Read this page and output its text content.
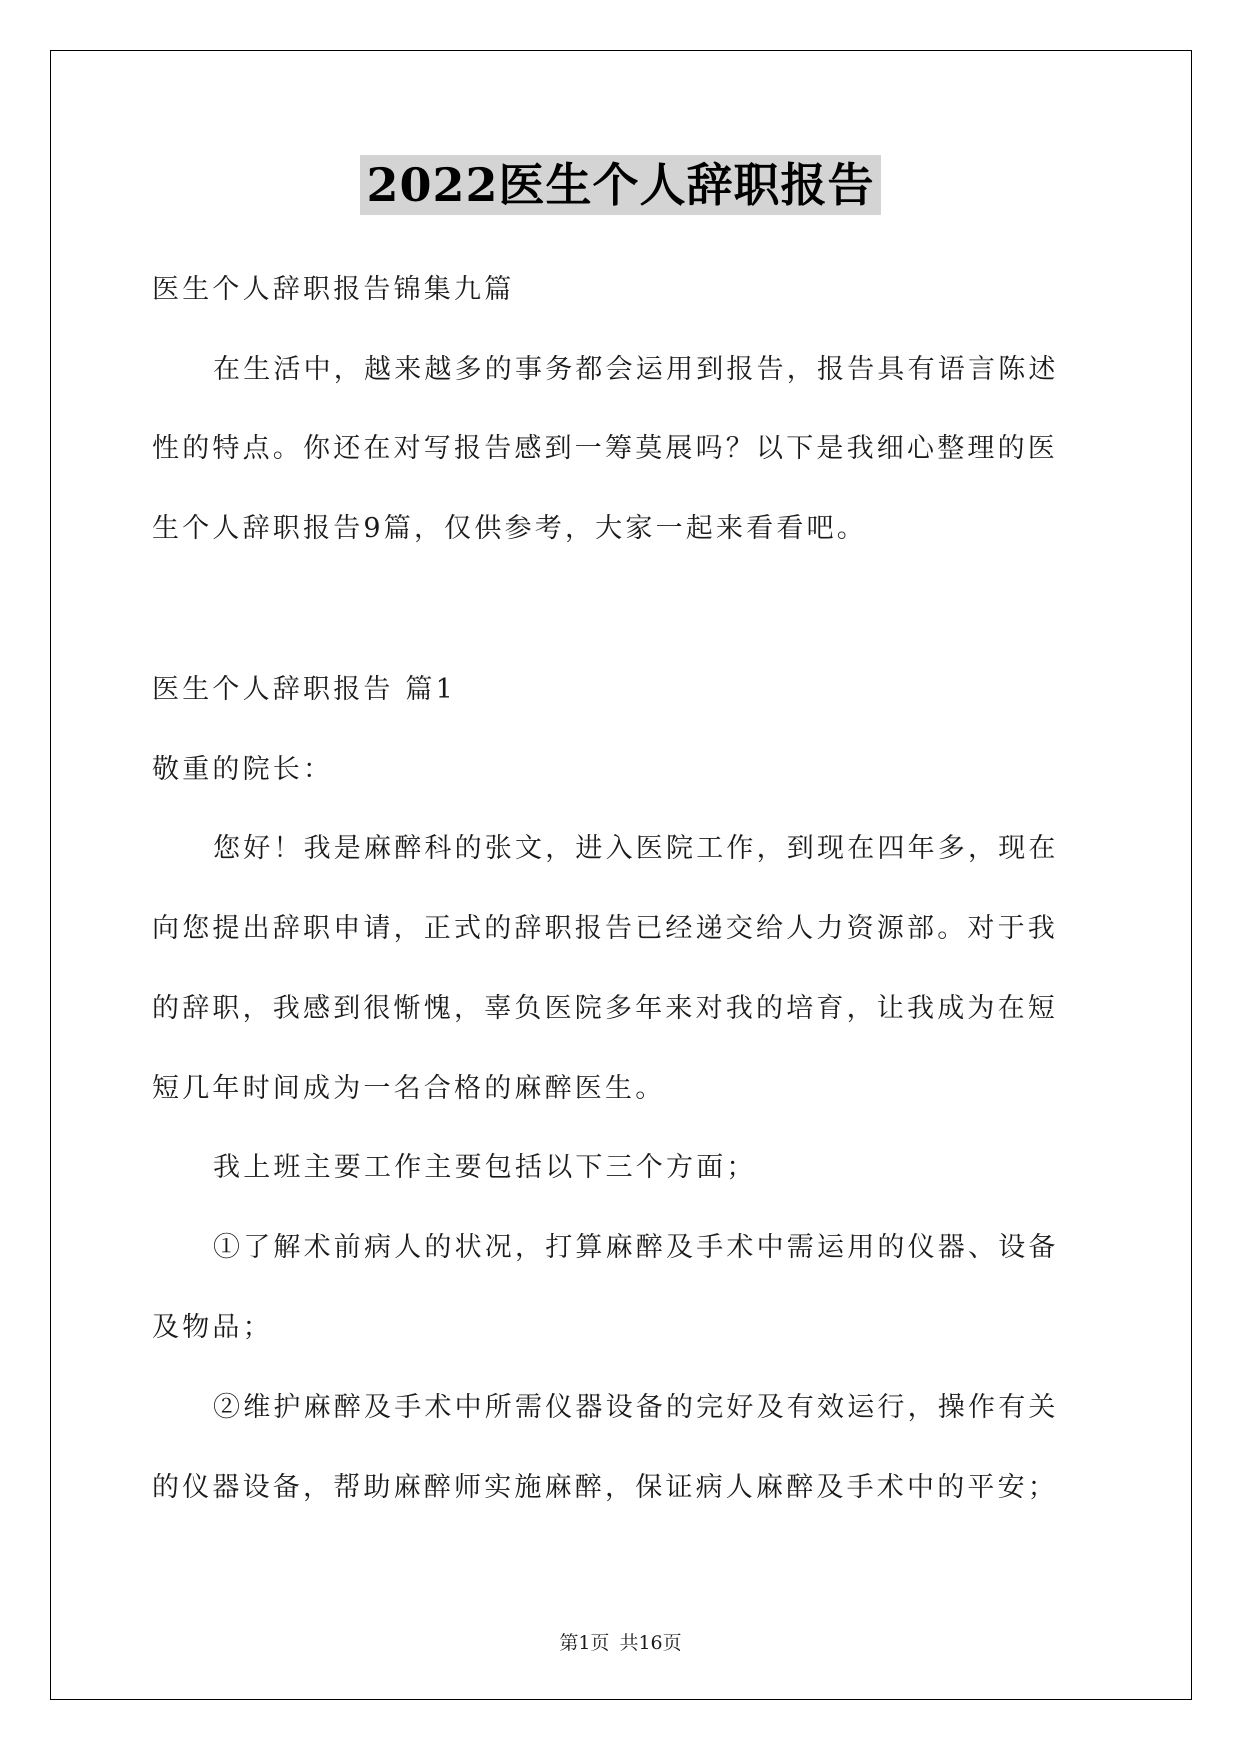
2022医生个人辞职报告
医生个人辞职报告锦集九篇
在生活中，越来越多的事务都会运用到报告，报告具有语言陈述
性的特点。你还在对写报告感到一筹莫展吗？以下是我细心整理的医
生个人辞职报告9篇，仅供参考，大家一起来看看吧。
医生个人辞职报告 篇1
敬重的院长：
您好！我是麻醉科的张文，进入医院工作，到现在四年多，现在
向您提出辞职申请，正式的辞职报告已经递交给人力资源部。对于我
的辞职，我感到很惭愧，辜负医院多年来对我的培育，让我成为在短
短几年时间成为一名合格的麻醉医生。
我上班主要工作主要包括以下三个方面；
①了解术前病人的状况，打算麻醉及手术中需运用的仪器、设备
及物品；
②维护麻醉及手术中所需仪器设备的完好及有效运行，操作有关
的仪器设备，帮助麻醉师实施麻醉，保证病人麻醉及手术中的平安；
第1页 共16页
